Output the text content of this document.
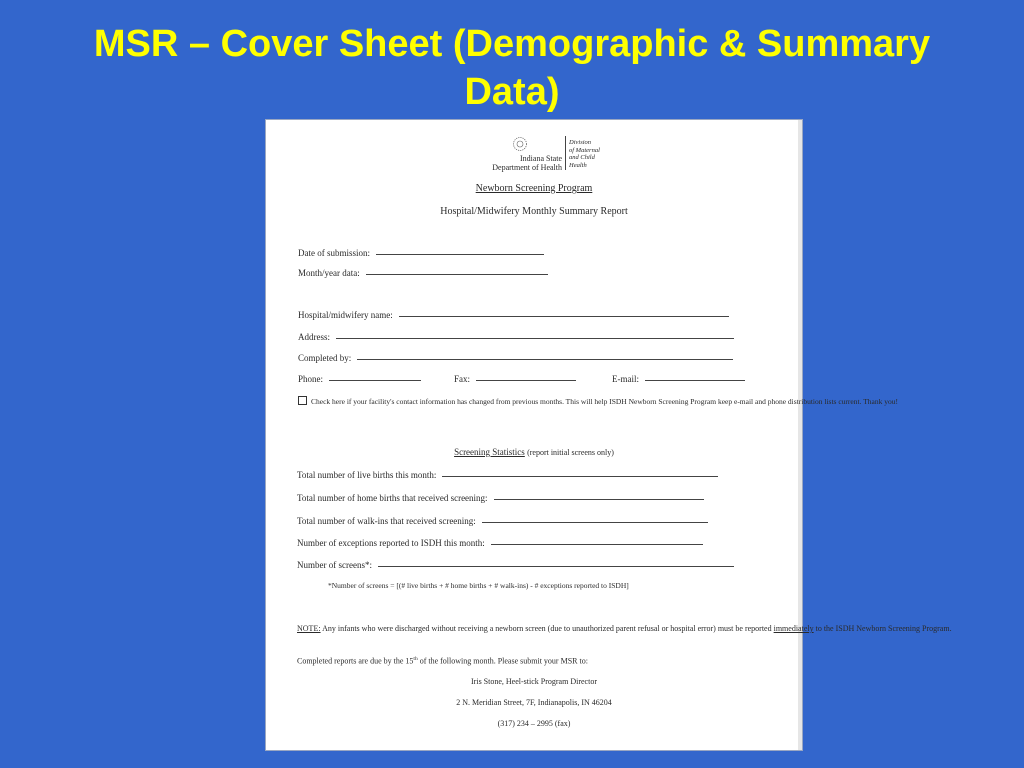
MSR – Cover Sheet (Demographic & Summary
Data)
Indiana State
Department of Health
Division
of Maternal
and Child
Health
Newborn Screening Program
Hospital/Midwifery Monthly Summary Report
Date of submission:
Month/year data:
Hospital/midwifery name:
Address:
Completed by:
Phone:	Fax:	E-mail:
Check here if your facility's contact information has changed from previous months. This will help ISDH Newborn Screening Program keep e-mail and phone distribution lists current. Thank you!
Screening Statistics (report initial screens only)
Total number of live births this month:
Total number of home births that received screening:
Total number of walk-ins that received screening:
Number of exceptions reported to ISDH this month:
Number of screens*:
*Number of screens = [(# live births + # home births + # walk-ins) - # exceptions reported to ISDH]
NOTE: Any infants who were discharged without receiving a newborn screen (due to unauthorized parent refusal or hospital error) must be reported immediately to the ISDH Newborn Screening Program.
Completed reports are due by the 15th of the following month. Please submit your MSR to:
Iris Stone, Heel-stick Program Director
2 N. Meridian Street, 7F, Indianapolis, IN 46204
(317) 234 – 2995 (fax)
